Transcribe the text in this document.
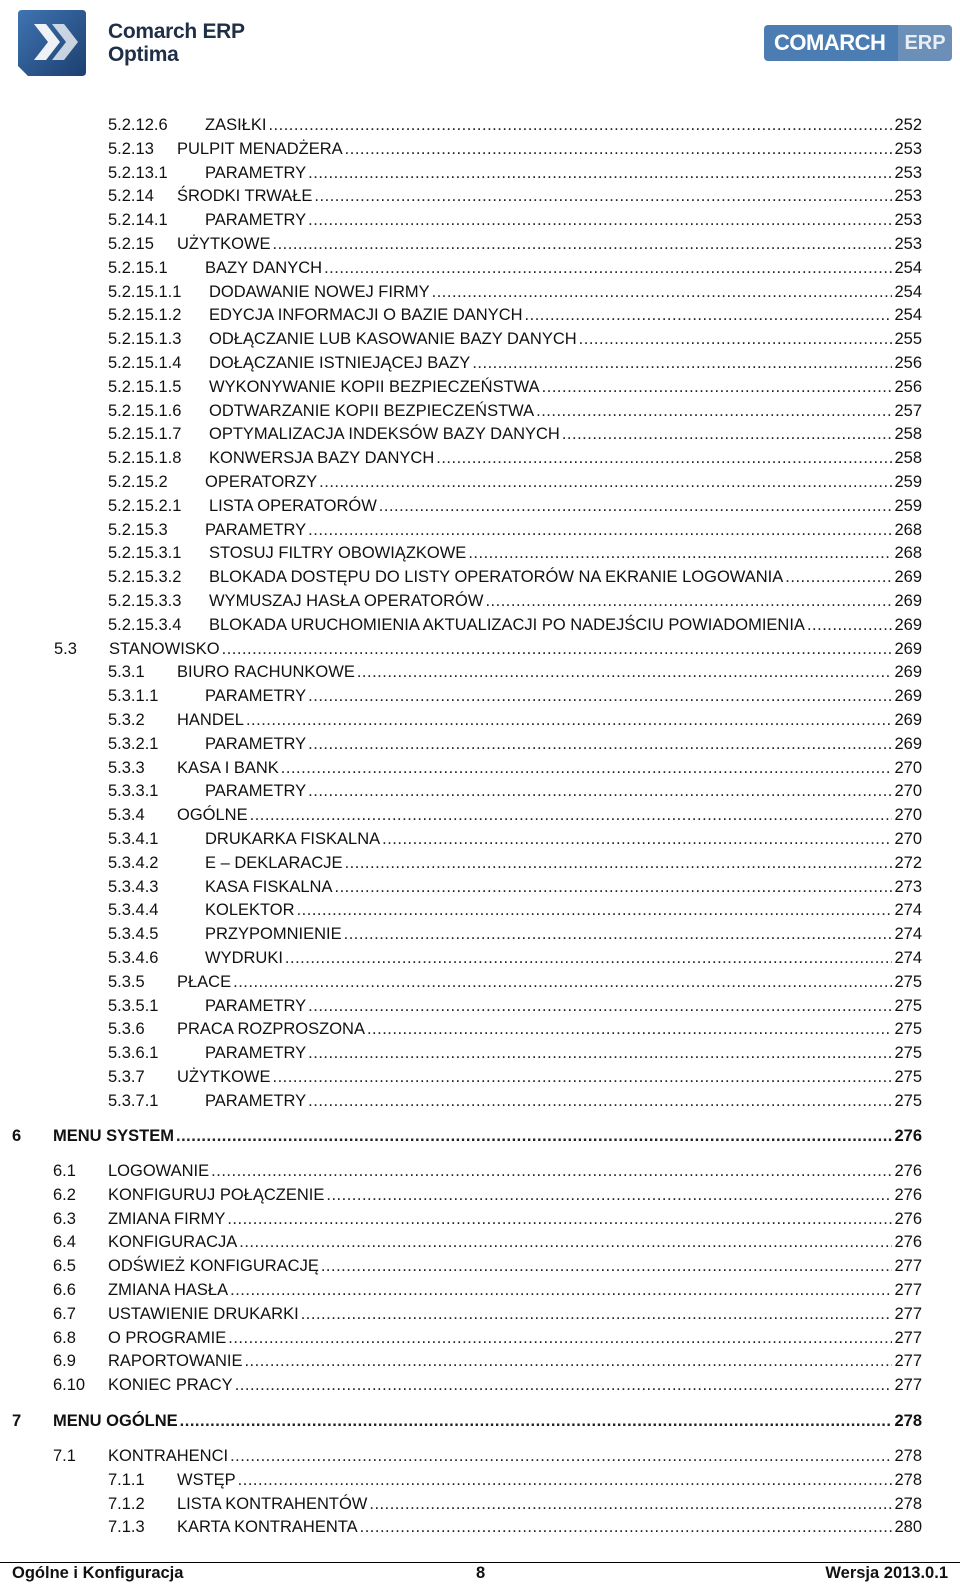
Comarch ERP
Optima	COMARCH ERP
5.2.12.6	ZASIŁKI .....	252
5.2.13	PULPIT MENADŻERA .....	253
5.2.13.1	PARAMETRY .....	253
5.2.14	ŚRODKI TRWAŁE .....	253
5.2.14.1	PARAMETRY .....	253
5.2.15	UŻYTKOWE .....	253
5.2.15.1	BAZY DANYCH .....	254
5.2.15.1.1	DODAWANIE NOWEJ FIRMY .....	254
5.2.15.1.2	EDYCJA INFORMACJI O BAZIE DANYCH .....	254
5.2.15.1.3	ODŁĄCZANIE LUB KASOWANIE BAZY DANYCH .....	255
5.2.15.1.4	DOŁĄCZANIE ISTNIEJĄCEJ BAZY .....	256
5.2.15.1.5	WYKONYWANIE KOPII BEZPIECZEŃSTWA .....	256
5.2.15.1.6	ODTWARZANIE KOPII BEZPIECZEŃSTWA .....	257
5.2.15.1.7	OPTYMALIZACJA INDEKSÓW BAZY DANYCH .....	258
5.2.15.1.8	KONWERSJA BAZY DANYCH .....	258
5.2.15.2	OPERATORZY .....	259
5.2.15.2.1	LISTA OPERATORÓW .....	259
5.2.15.3	PARAMETRY .....	268
5.2.15.3.1	STOSUJ FILTRY OBOWIĄZKOWE .....	268
5.2.15.3.2	BLOKADA DOSTĘPU DO LISTY OPERATORÓW NA EKRANIE LOGOWANIA .....	269
5.2.15.3.3	WYMUSZAJ HASŁA OPERATORÓW .....	269
5.2.15.3.4	BLOKADA URUCHOMIENIA AKTUALIZACJI PO NADEJŚCIU POWIADOMIENIA .....	269
5.3	STANOWISKO .....	269
5.3.1	BIURO RACHUNKOWE .....	269
5.3.1.1	PARAMETRY .....	269
5.3.2	HANDEL .....	269
5.3.2.1	PARAMETRY .....	269
5.3.3	KASA I BANK .....	270
5.3.3.1	PARAMETRY .....	270
5.3.4	OGÓLNE .....	270
5.3.4.1	DRUKARKA FISKALNA .....	270
5.3.4.2	E – DEKLARACJE .....	272
5.3.4.3	KASA FISKALNA .....	273
5.3.4.4	KOLEKTOR .....	274
5.3.4.5	PRZYPOMNIENIE .....	274
5.3.4.6	WYDRUKI .....	274
5.3.5	PŁACE .....	275
5.3.5.1	PARAMETRY .....	275
5.3.6	PRACA ROZPROSZONA .....	275
5.3.6.1	PARAMETRY .....	275
5.3.7	UŻYTKOWE .....	275
5.3.7.1	PARAMETRY .....	275
6	MENU SYSTEM .....	276
6.1	LOGOWANIE .....	276
6.2	KONFIGURUJ POŁĄCZENIE .....	276
6.3	ZMIANA FIRMY .....	276
6.4	KONFIGURACJA .....	276
6.5	ODŚWIEŻ KONFIGURACJĘ .....	277
6.6	ZMIANA HASŁA .....	277
6.7	USTAWIENIE DRUKARKI .....	277
6.8	O PROGRAMIE .....	277
6.9	RAPORTOWANIE .....	277
6.10	KONIEC PRACY .....	277
7	MENU OGÓLNE .....	278
7.1	KONTRAHENCI .....	278
7.1.1	WSTĘP .....	278
7.1.2	LISTA KONTRAHENTÓW .....	278
7.1.3	KARTA KONTRAHENTA .....	280
Ogólne i Konfiguracja	8	Wersja 2013.0.1
